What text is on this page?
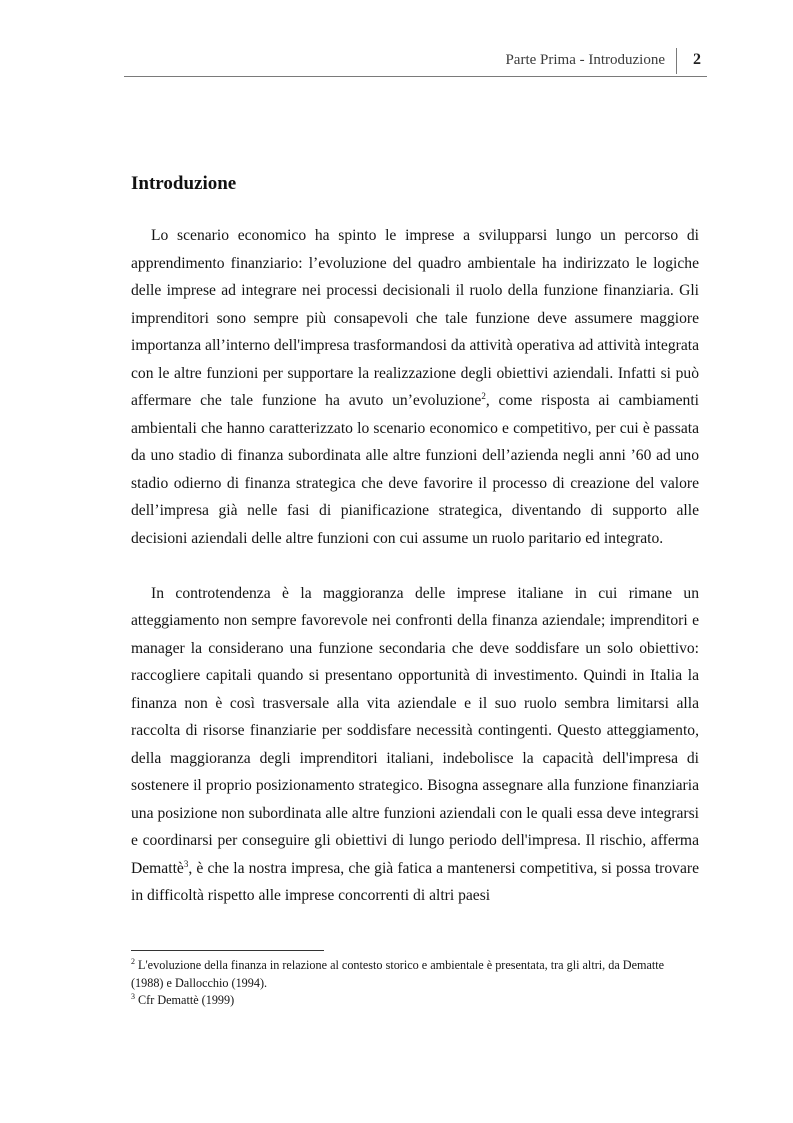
Parte Prima - Introduzione 2
Introduzione

Lo scenario economico ha spinto le imprese a svilupparsi lungo un percorso di apprendimento finanziario: l’evoluzione del quadro ambientale ha indirizzato le logiche delle imprese ad integrare nei processi decisionali il ruolo della funzione finanziaria. Gli imprenditori sono sempre più consapevoli che tale funzione deve assumere maggiore importanza all’interno dell'impresa trasformandosi da attività operativa ad attività integrata con le altre funzioni per supportare la realizzazione degli obiettivi aziendali. Infatti si può affermare che tale funzione ha avuto un’evoluzione$^2$, come risposta ai cambiamenti ambientali che hanno caratterizzato lo scenario economico e competitivo, per cui è passata da uno stadio di finanza subordinata alle altre funzioni dell’azienda negli anni ’60 ad uno stadio odierno di finanza strategica che deve favorire il processo di creazione del valore dell’impresa già nelle fasi di pianificazione strategica, diventando di supporto alle decisioni aziendali delle altre funzioni con cui assume un ruolo paritario ed integrato.

In controtendenza è la maggioranza delle imprese italiane in cui rimane un atteggiamento non sempre favorevole nei confronti della finanza aziendale; imprenditori e manager la considerano una funzione secondaria che deve soddisfare un solo obiettivo: raccogliere capitali quando si presentano opportunità di investimento. Quindi in Italia la finanza non è così trasversale alla vita aziendale e il suo ruolo sembra limitarsi alla raccolta di risorse finanziarie per soddisfare necessità contingenti. Questo atteggiamento, della maggioranza degli imprenditori italiani, indebolisce la capacità dell'impresa di sostenere il proprio posizionamento strategico. Bisogna assegnare alla funzione finanziaria una posizione non subordinata alle altre funzioni aziendali con le quali essa deve integrarsi e coordinarsi per conseguire gli obiettivi di lungo periodo dell'impresa. Il rischio, afferma Demattè$^3$, è che la nostra impresa, che già fatica a mantenersi competitiva, si possa trovare in difficoltà rispetto alle imprese concorrenti di altri paesi

$^2$ L'evoluzione della finanza in relazione al contesto storico e ambientale è presentata, tra gli altri, da Dematte (1988) e Dallocchio (1994).

$^3$ Cfr Demattè (1999)
